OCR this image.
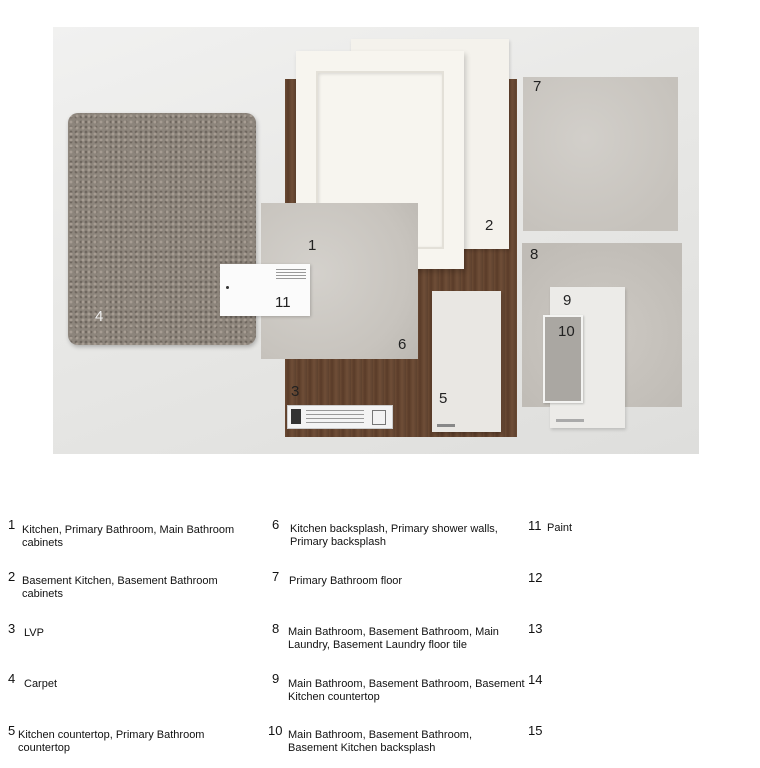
1
2
3
4
5
6
7
8
9
10
11
1 Kitchen, Primary Bathroom, Main Bathroom cabinets
2 Basement Kitchen, Basement Bathroom cabinets
3 LVP
4 Carpet
5 Kitchen countertop, Primary Bathroom countertop
6 Kitchen backsplash, Primary shower walls, Primary backsplash
7 Primary Bathroom floor
8 Main Bathroom, Basement Bathroom, Main Laundry, Basement Laundry floor tile
9 Main Bathroom, Basement Bathroom, Basement Kitchen countertop
10 Main Bathroom, Basement Bathroom, Basement Kitchen backsplash
11 Paint
12
13
14
15
